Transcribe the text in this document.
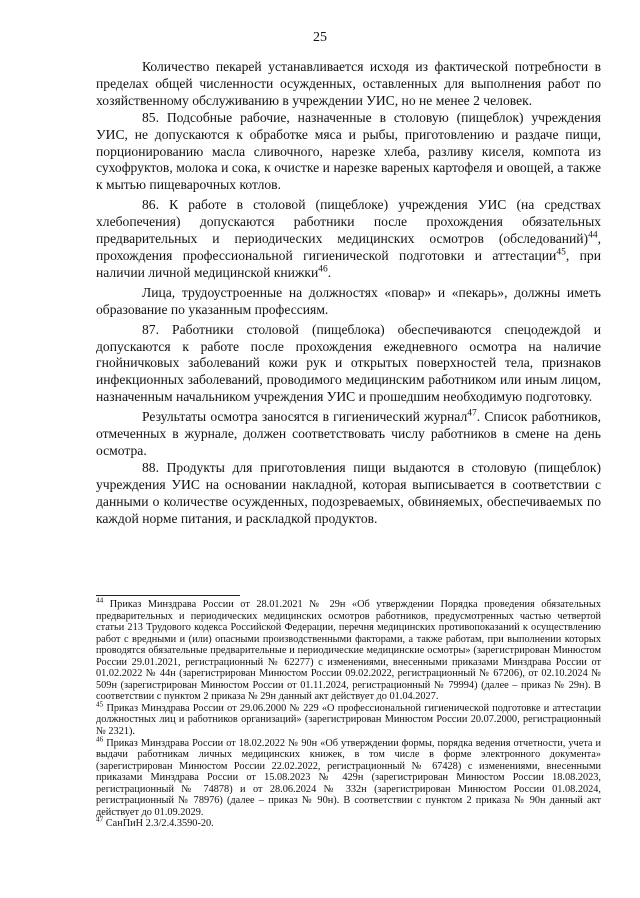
25

Количество пекарей устанавливается исходя из фактической потребности в пределах общей численности осужденных, оставленных для выполнения работ по хозяйственному обслуживанию в учреждении УИС, но не менее 2 человек.

85. Подсобные рабочие, назначенные в столовую (пищеблок) учреждения УИС, не допускаются к обработке мяса и рыбы, приготовлению и раздаче пищи, порционированию масла сливочного, нарезке хлеба, разливу киселя, компота из сухофруктов, молока и сока, к очистке и нарезке вареных картофеля и овощей, а также к мытью пищеварочных котлов.

86. К работе в столовой (пищеблоке) учреждения УИС (на средствах хлебопечения) допускаются работники после прохождения обязательных предварительных и периодических медицинских осмотров (обследований)$^{44}$, прохождения профессиональной гигиенической подготовки и аттестации$^{45}$, при наличии личной медицинской книжки$^{46}$.

Лица, трудоустроенные на должностях «повар» и «пекарь», должны иметь образование по указанным профессиям.

87. Работники столовой (пищеблока) обеспечиваются спецодеждой и допускаются к работе после прохождения ежедневного осмотра на наличие гнойничковых заболеваний кожи рук и открытых поверхностей тела, признаков инфекционных заболеваний, проводимого медицинским работником или иным лицом, назначенным начальником учреждения УИС и прошедшим необходимую подготовку.

Результаты осмотра заносятся в гигиенический журнал$^{47}$. Список работников, отмеченных в журнале, должен соответствовать числу работников в смене на день осмотра.

88. Продукты для приготовления пищи выдаются в столовую (пищеблок) учреждения УИС на основании накладной, которая выписывается в соответствии с данными о количестве осужденных, подозреваемых, обвиняемых, обеспечиваемых по каждой норме питания, и раскладкой продуктов.

$^{44}$ Приказ Минздрава России от 28.01.2021 № 29н «Об утверждении Порядка проведения обязательных предварительных и периодических медицинских осмотров работников, предусмотренных частью четвертой статьи 213 Трудового кодекса Российской Федерации, перечня медицинских противопоказаний к осуществлению работ с вредными и (или) опасными производственными факторами, а также работам, при выполнении которых проводятся обязательные предварительные и периодические медицинские осмотры» (зарегистрирован Минюстом России 29.01.2021, регистрационный № 62277) с изменениями, внесенными приказами Минздрава России от 01.02.2022 № 44н (зарегистрирован Минюстом России 09.02.2022, регистрационный № 67206), от 02.10.2024 № 509н (зарегистрирован Минюстом России от 01.11.2024, регистрационный № 79994) (далее – приказ № 29н). В соответствии с пунктом 2 приказа № 29н данный акт действует до 01.04.2027.

$^{45}$ Приказ Минздрава России от 29.06.2000 № 229 «О профессиональной гигиенической подготовке и аттестации должностных лиц и работников организаций» (зарегистрирован Минюстом России 20.07.2000, регистрационный № 2321).

$^{46}$ Приказ Минздрава России от 18.02.2022 № 90н «Об утверждении формы, порядка ведения отчетности, учета и выдачи работникам личных медицинских книжек, в том числе в форме электронного документа» (зарегистрирован Минюстом России 22.02.2022, регистрационный № 67428) с изменениями, внесенными приказами Минздрава России от 15.08.2023 № 429н (зарегистрирован Минюстом России 18.08.2023, регистрационный № 74878) и от 28.06.2024 № 332н (зарегистрирован Минюстом России 01.08.2024, регистрационный № 78976) (далее – приказ № 90н). В соответствии с пунктом 2 приказа № 90н данный акт действует до 01.09.2029.

$^{47}$ СанПиН 2.3/2.4.3590-20.
